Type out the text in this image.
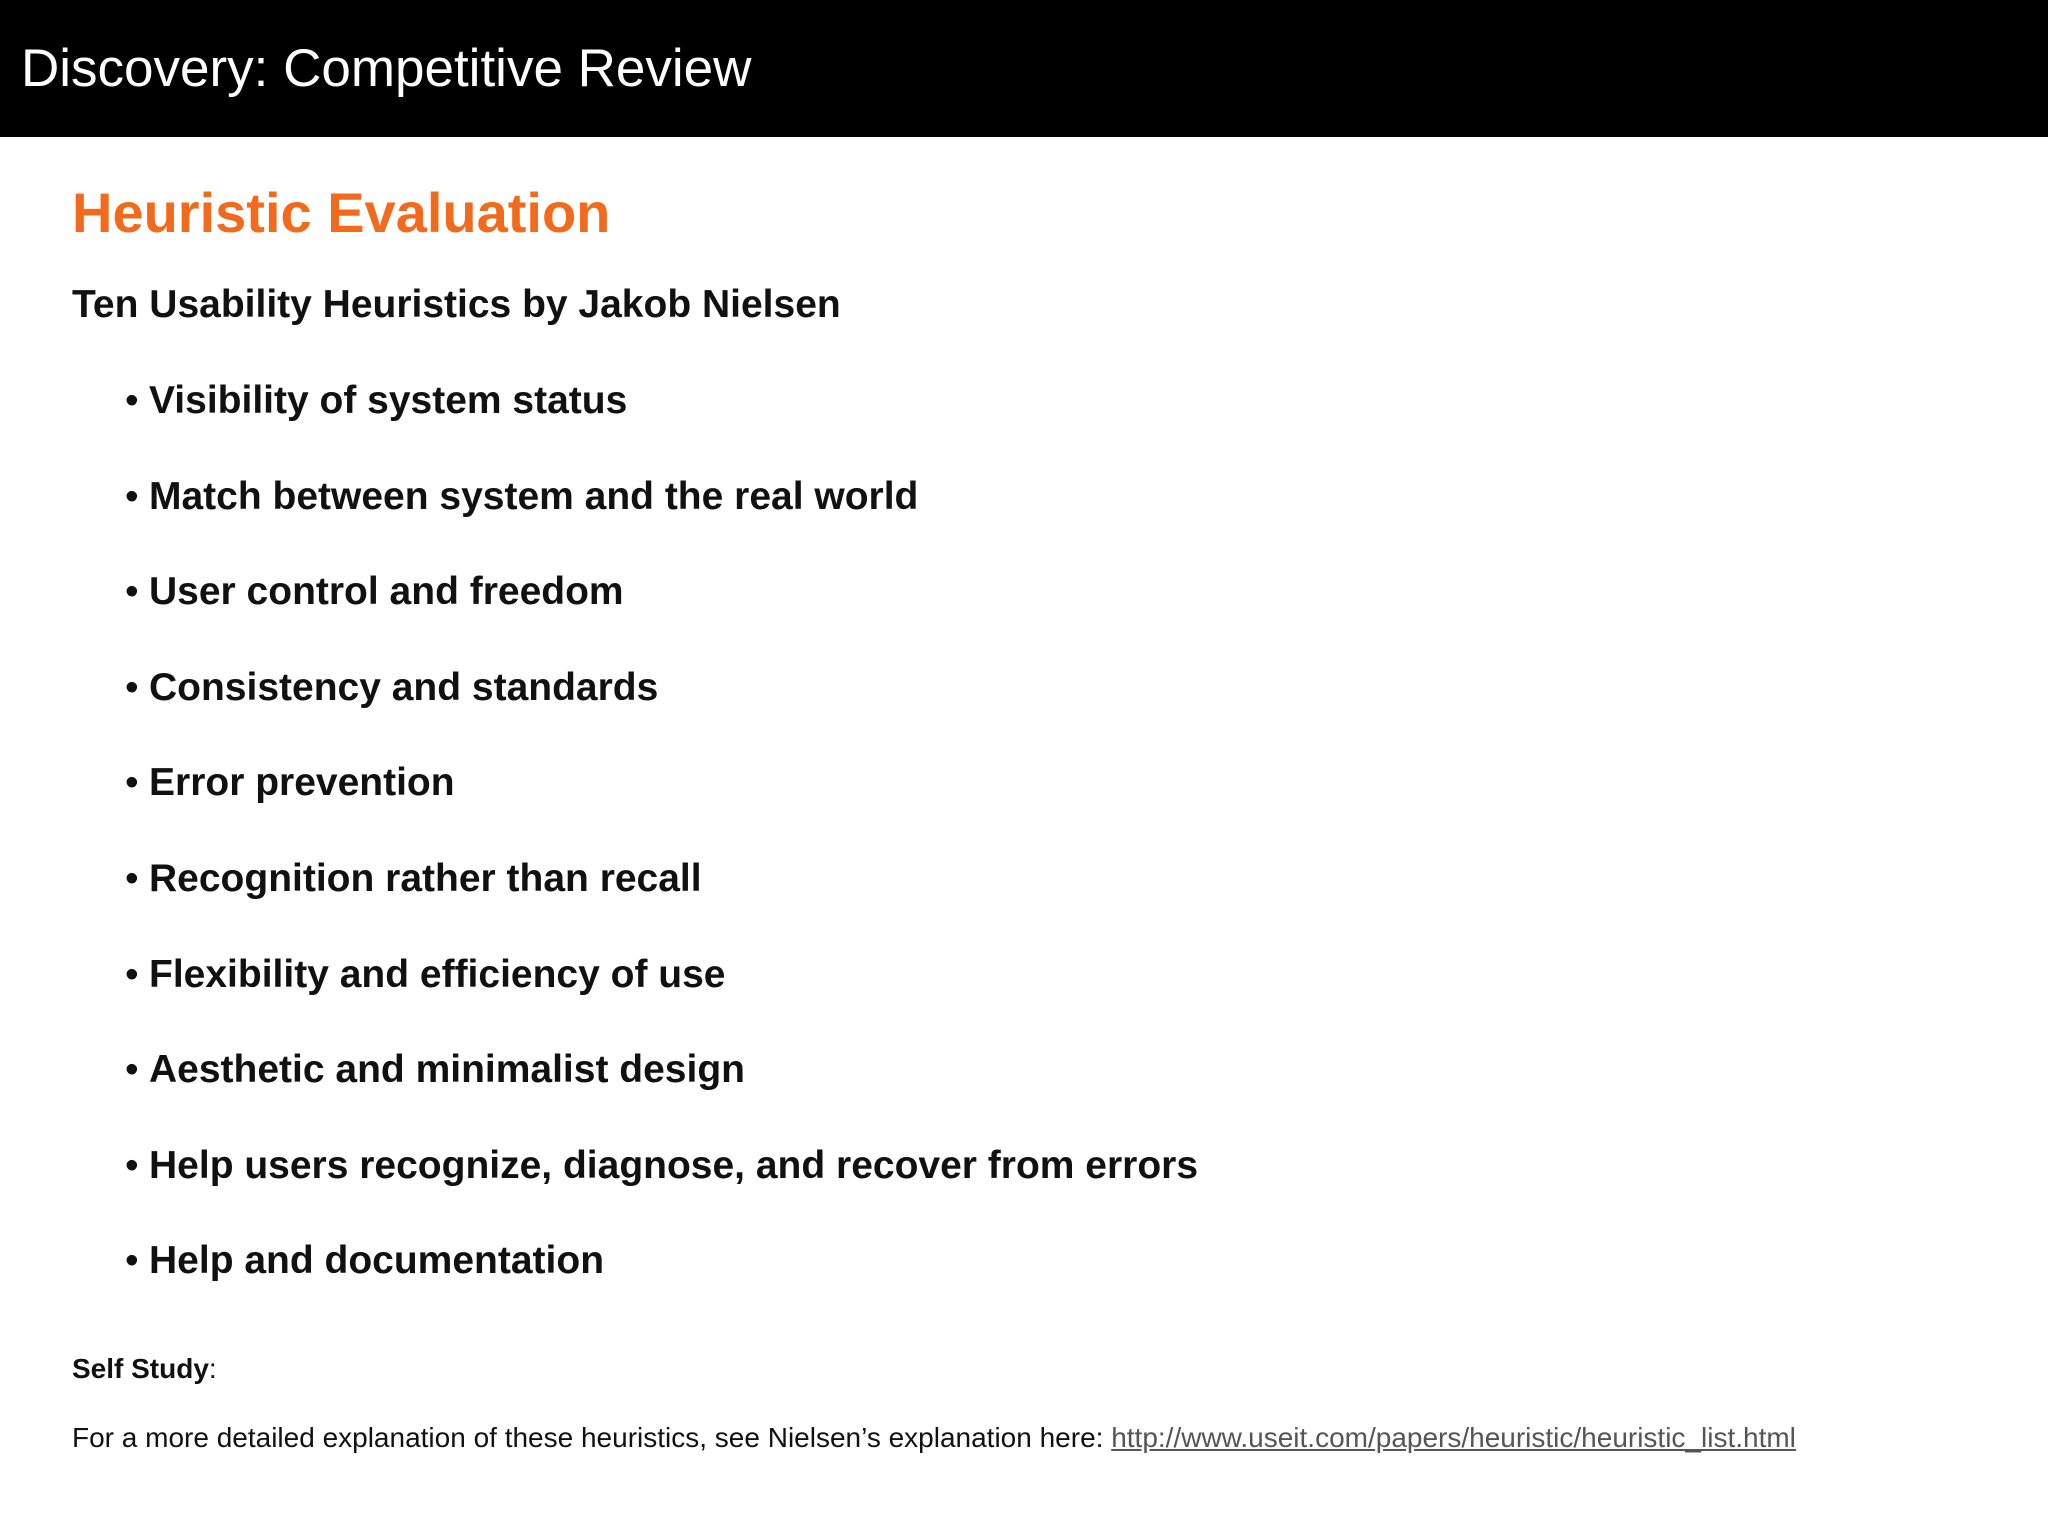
Discovery: Competitive Review
Heuristic Evaluation
Ten Usability Heuristics by Jakob Nielsen
• Visibility of system status
• Match between system and the real world
• User control and freedom
• Consistency and standards
• Error prevention
• Recognition rather than recall
• Flexibility and efficiency of use
• Aesthetic and minimalist design
• Help users recognize, diagnose, and recover from errors
• Help and documentation
Self Study:
For a more detailed explanation of these heuristics, see Nielsen’s explanation here: http://www.useit.com/papers/heuristic/heuristic_list.html
